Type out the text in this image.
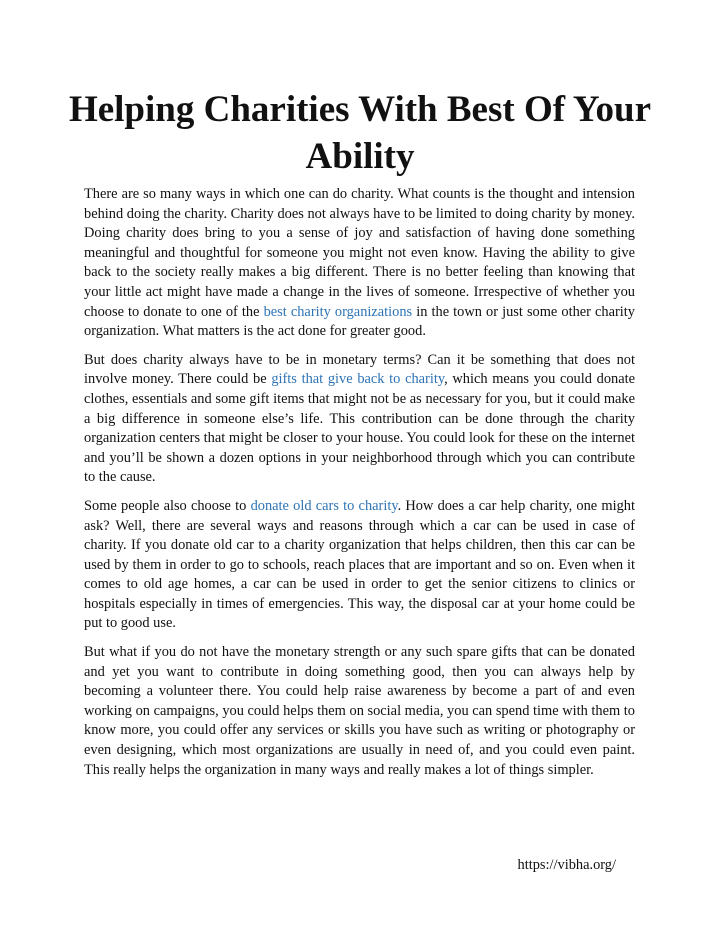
Helping Charities With Best Of Your Ability

There are so many ways in which one can do charity. What counts is the thought and intension behind doing the charity. Charity does not always have to be limited to doing charity by money. Doing charity does bring to you a sense of joy and satisfaction of having done something meaningful and thoughtful for someone you might not even know. Having the ability to give back to the society really makes a big different. There is no better feeling than knowing that your little act might have made a change in the lives of someone. Irrespective of whether you choose to donate to one of the best charity organizations in the town or just some other charity organization. What matters is the act done for greater good.

But does charity always have to be in monetary terms? Can it be something that does not involve money. There could be gifts that give back to charity, which means you could donate clothes, essentials and some gift items that might not be as necessary for you, but it could make a big difference in someone else’s life. This contribution can be done through the charity organization centers that might be closer to your house. You could look for these on the internet and you’ll be shown a dozen options in your neighborhood through which you can contribute to the cause.

Some people also choose to donate old cars to charity. How does a car help charity, one might ask? Well, there are several ways and reasons through which a car can be used in case of charity. If you donate old car to a charity organization that helps children, then this car can be used by them in order to go to schools, reach places that are important and so on. Even when it comes to old age homes, a car can be used in order to get the senior citizens to clinics or hospitals especially in times of emergencies. This way, the disposal car at your home could be put to good use.

But what if you do not have the monetary strength or any such spare gifts that can be donated and yet you want to contribute in doing something good, then you can always help by becoming a volunteer there. You could help raise awareness by become a part of and even working on campaigns, you could helps them on social media, you can spend time with them to know more, you could offer any services or skills you have such as writing or photography or even designing, which most organizations are usually in need of, and you could even paint. This really helps the organization in many ways and really makes a lot of things simpler.

https://vibha.org/
